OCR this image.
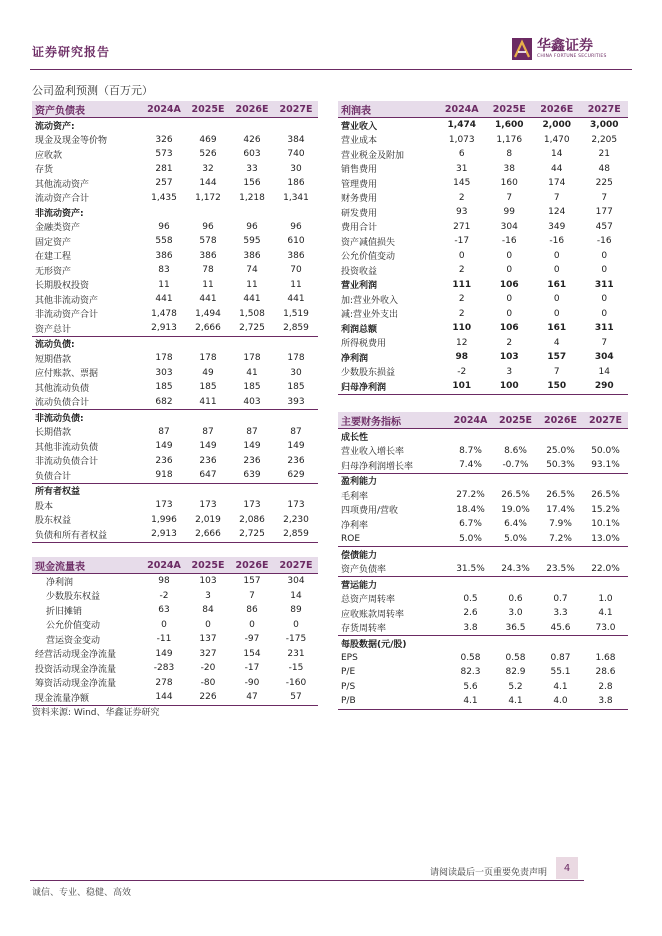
证券研究报告	华鑫证券
CHINA FORTUNE SECURITIES
公司盈利预测（百万元）
资产负债表	2024A	2025E	2026E	2027E
流动资产:				
现金及现金等价物	326	469	426	384
应收款	573	526	603	740
存货	281	32	33	30
其他流动资产	257	144	156	186
流动资产合计	1,435	1,172	1,218	1,341
非流动资产:				
金融类资产	96	96	96	96
固定资产	558	578	595	610
在建工程	386	386	386	386
无形资产	83	78	74	70
长期股权投资	11	11	11	11
其他非流动资产	441	441	441	441
非流动资产合计	1,478	1,494	1,508	1,519
资产总计	2,913	2,666	2,725	2,859
流动负债:				
短期借款	178	178	178	178
应付账款、票据	303	49	41	30
其他流动负债	185	185	185	185
流动负债合计	682	411	403	393
非流动负债:				
长期借款	87	87	87	87
其他非流动负债	149	149	149	149
非流动负债合计	236	236	236	236
负债合计	918	647	639	629
所有者权益				
股本	173	173	173	173
股东权益	1,996	2,019	2,086	2,230
负债和所有者权益	2,913	2,666	2,725	2,859
现金流量表	2024A	2025E	2026E	2027E
净利润	98	103	157	304
少数股东权益	-2	3	7	14
折旧摊销	63	84	86	89
公允价值变动	0	0	0	0
营运资金变动	-11	137	-97	-175
经营活动现金净流量	149	327	154	231
投资活动现金净流量	-283	-20	-17	-15
筹资活动现金净流量	278	-80	-90	-160
现金流量净额	144	226	47	57
利润表	2024A	2025E	2026E	2027E
营业收入	1,474	1,600	2,000	3,000
营业成本	1,073	1,176	1,470	2,205
营业税金及附加	6	8	14	21
销售费用	31	38	44	48
管理费用	145	160	174	225
财务费用	2	7	7	7
研发费用	93	99	124	177
费用合计	271	304	349	457
资产减值损失	-17	-16	-16	-16
公允价值变动	0	0	0	0
投资收益	2	0	0	0
营业利润	111	106	161	311
加:营业外收入	2	0	0	0
减:营业外支出	2	0	0	0
利润总额	110	106	161	311
所得税费用	12	2	4	7
净利润	98	103	157	304
少数股东损益	-2	3	7	14
归母净利润	101	100	150	290
主要财务指标	2024A	2025E	2026E	2027E
成长性				
营业收入增长率	8.7%	8.6%	25.0%	50.0%
归母净利润增长率	7.4%	-0.7%	50.3%	93.1%
盈利能力				
毛利率	27.2%	26.5%	26.5%	26.5%
四项费用/营收	18.4%	19.0%	17.4%	15.2%
净利率	6.7%	6.4%	7.9%	10.1%
ROE	5.0%	5.0%	7.2%	13.0%
偿债能力				
资产负债率	31.5%	24.3%	23.5%	22.0%
营运能力				
总资产周转率	0.5	0.6	0.7	1.0
应收账款周转率	2.6	3.0	3.3	4.1
存货周转率	3.8	36.5	45.6	73.0
每股数据(元/股)				
EPS	0.58	0.58	0.87	1.68
P/E	82.3	82.9	55.1	28.6
P/S	5.6	5.2	4.1	2.8
P/B	4.1	4.1	4.0	3.8
资料来源: Wind、华鑫证券研究
请阅读最后一页重要免责声明	4
诚信、专业、稳健、高效
